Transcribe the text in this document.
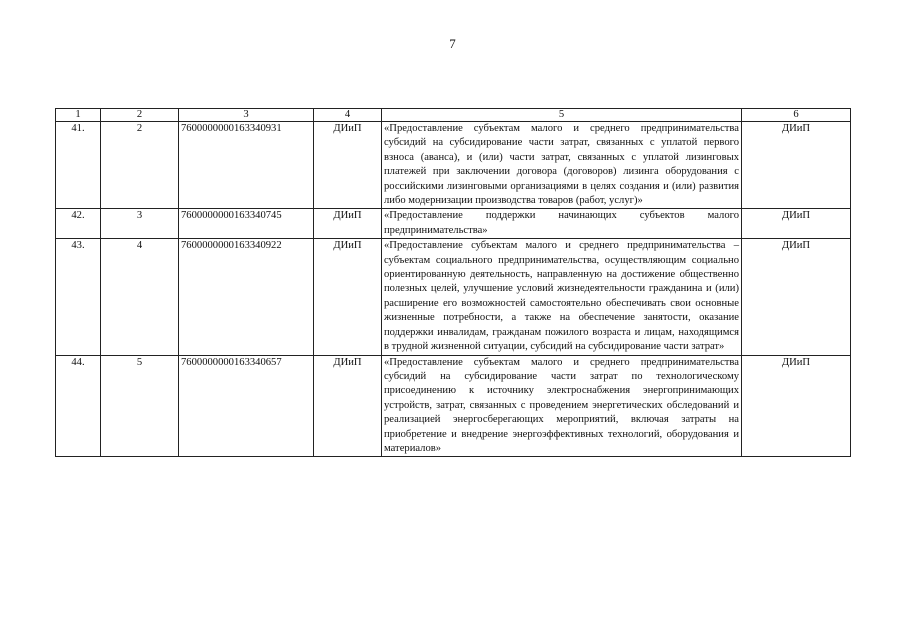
7
1	2	3	4	5	6
41.	2	7600000000163340931	ДИиП	«Предоставление субъектам малого и среднего предпринимательства субсидий на субсидирование части затрат, связанных с уплатой первого взноса (аванса), и (или) части затрат, связанных с уплатой лизинговых платежей при заключении договора (договоров) лизинга оборудования с российскими лизинговыми организациями в целях создания и (или) развития либо модернизации производства товаров (работ, услуг)»	ДИиП
42.	3	7600000000163340745	ДИиП	«Предоставление поддержки начинающих субъектов малого предпринимательства»	ДИиП
43.	4	7600000000163340922	ДИиП	«Предоставление субъектам малого и среднего предпринимательства – субъектам социального предпринимательства, осуществляющим социально ориентированную деятельность, направленную на достижение общественно полезных целей, улучшение условий жизнедеятельности гражданина и (или) расширение его возможностей самостоятельно обеспечивать свои основные жизненные потребности, а также на обеспечение занятости, оказание поддержки инвалидам, гражданам пожилого возраста и лицам, находящимся в трудной жизненной ситуации, субсидий на субсидирование части затрат»	ДИиП
44.	5	7600000000163340657	ДИиП	«Предоставление субъектам малого и среднего предпринимательства субсидий на субсидирование части затрат по технологическому присоединению к источнику электроснабжения энергопринимающих устройств, затрат, связанных с проведением энергетических обследований и реализацией энергосберегающих мероприятий, включая затраты на приобретение и внедрение энергоэффективных технологий, оборудования и материалов»	ДИиП
